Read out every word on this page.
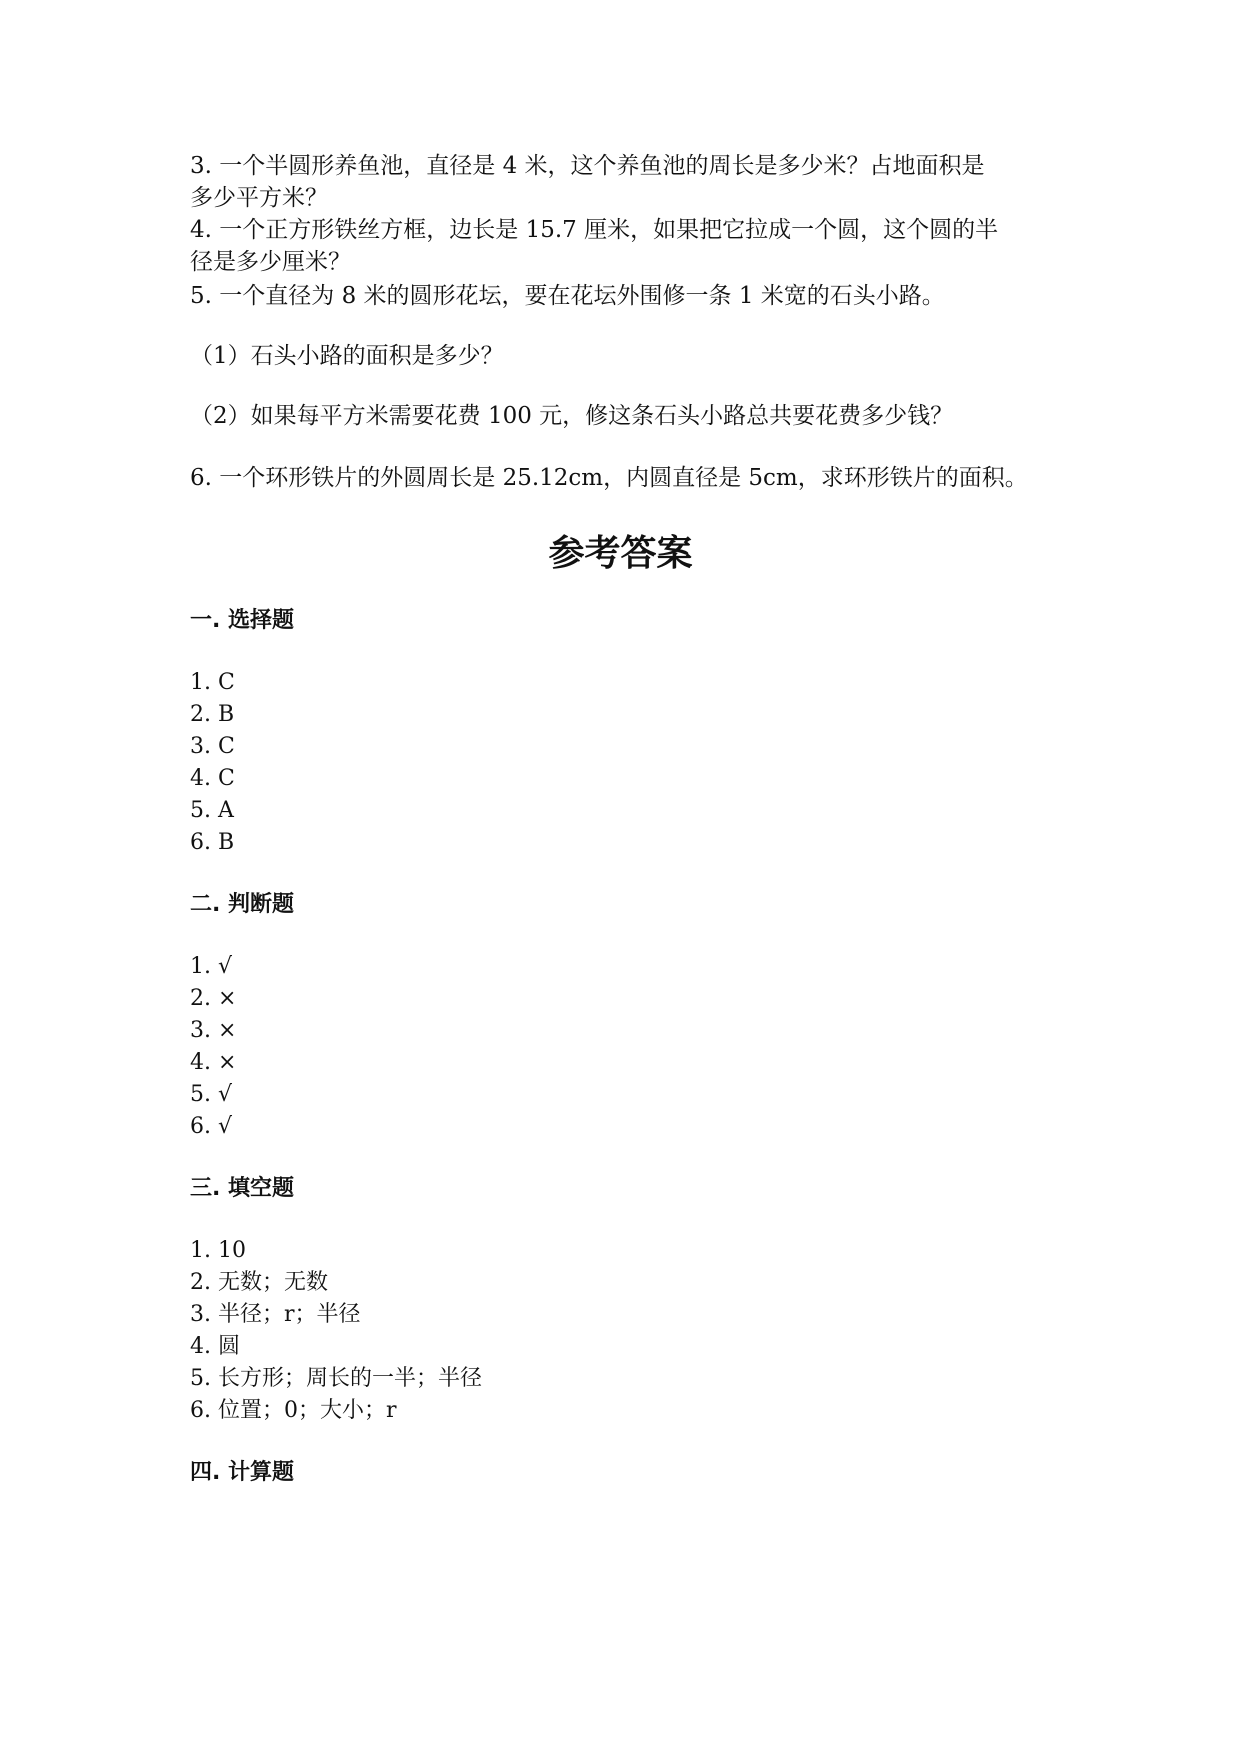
3. 一个半圆形养鱼池，直径是 4 米，这个养鱼池的周长是多少米？占地面积是
多少平方米？
4. 一个正方形铁丝方框，边长是 15.7 厘米，如果把它拉成一个圆，这个圆的半
径是多少厘米？
5. 一个直径为 8 米的圆形花坛，要在花坛外围修一条 1 米宽的石头小路。
（1）石头小路的面积是多少？
（2）如果每平方米需要花费 100 元，修这条石头小路总共要花费多少钱？
6. 一个环形铁片的外圆周长是 25.12cm，内圆直径是 5cm，求环形铁片的面积。
参考答案
一. 选择题
1. C
2. B
3. C
4. C
5. A
6. B
二. 判断题
1. √
2. ×
3. ×
4. ×
5. √
6. √
三. 填空题
1. 10
2. 无数；无数
3. 半径；r；半径
4. 圆
5. 长方形；周长的一半；半径
6. 位置；0；大小；r
四. 计算题
